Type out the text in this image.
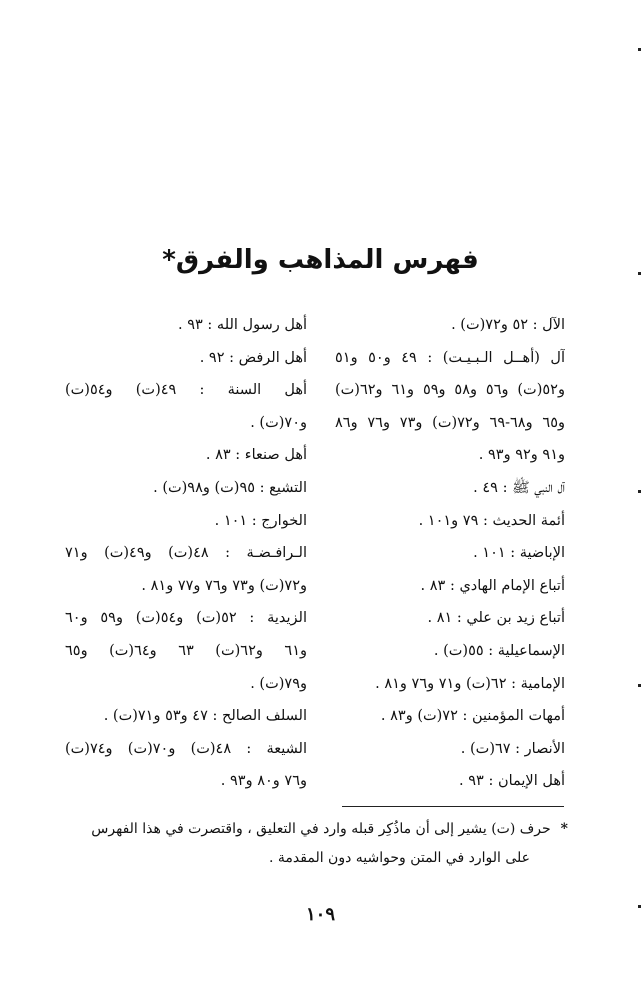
فهرس المذاهب والفرق*
الآل : ٥٢ و٧٢(ت) .
آل (أهــل الـبـيـت) : ٤٩ و٥٠ و٥١
و٥٢(ت) و٥٦ و٥٨ و٥٩ و٦١ و٦٢(ت)
و٦٥ و٦٨-٦٩ و٧٢(ت) و٧٣ و٧٦ و٨٦
و٩١ و٩٢ و٩٣ .
آل النبي ﷺ : ٤٩ .
أئمة الحديث : ٧٩ و١٠١ .
الإباضية : ١٠١ .
أتباع الإمام الهادي : ٨٣ .
أتباع زيد بن علي : ٨١ .
الإسماعيلية : ٥٥(ت) .
الإمامية : ٦٢(ت) و٧١ و٧٦ و٨١ .
أمهات المؤمنين : ٧٢(ت) و٨٣ .
الأنصار : ٦٧(ت) .
أهل الإيمان : ٩٣ .
أهل رسول الله : ٩٣ .
أهل الرفض : ٩٢ .
أهل السنة : ٤٩(ت) و٥٤(ت)
و٧٠(ت) .
أهل صنعاء : ٨٣ .
التشيع : ٩٥(ت) و٩٨(ت) .
الخوارج : ١٠١ .
الـرافـضـة : ٤٨(ت) و٤٩(ت) و٧١
و٧٢(ت) و٧٣ و٧٦ و٧٧ و٨١ .
الزيدية : ٥٢(ت) و٥٤(ت) و٥٩ و٦٠
و٦١ و٦٢(ت) ٦٣ و٦٤(ت) و٦٥
و٧٩(ت) .
السلف الصالح : ٤٧ و٥٣ و٧١(ت) .
الشيعة : ٤٨(ت) و٧٠(ت) و٧٤(ت)
و٧٦ و٨٠ و٩٣ .
*حرف (ت) يشير إلى أن ماذُكِر قبله وارد في التعليق ، واقتصرت في هذا الفهرس
على الوارد في المتن وحواشيه دون المقدمة .
١٠٩
